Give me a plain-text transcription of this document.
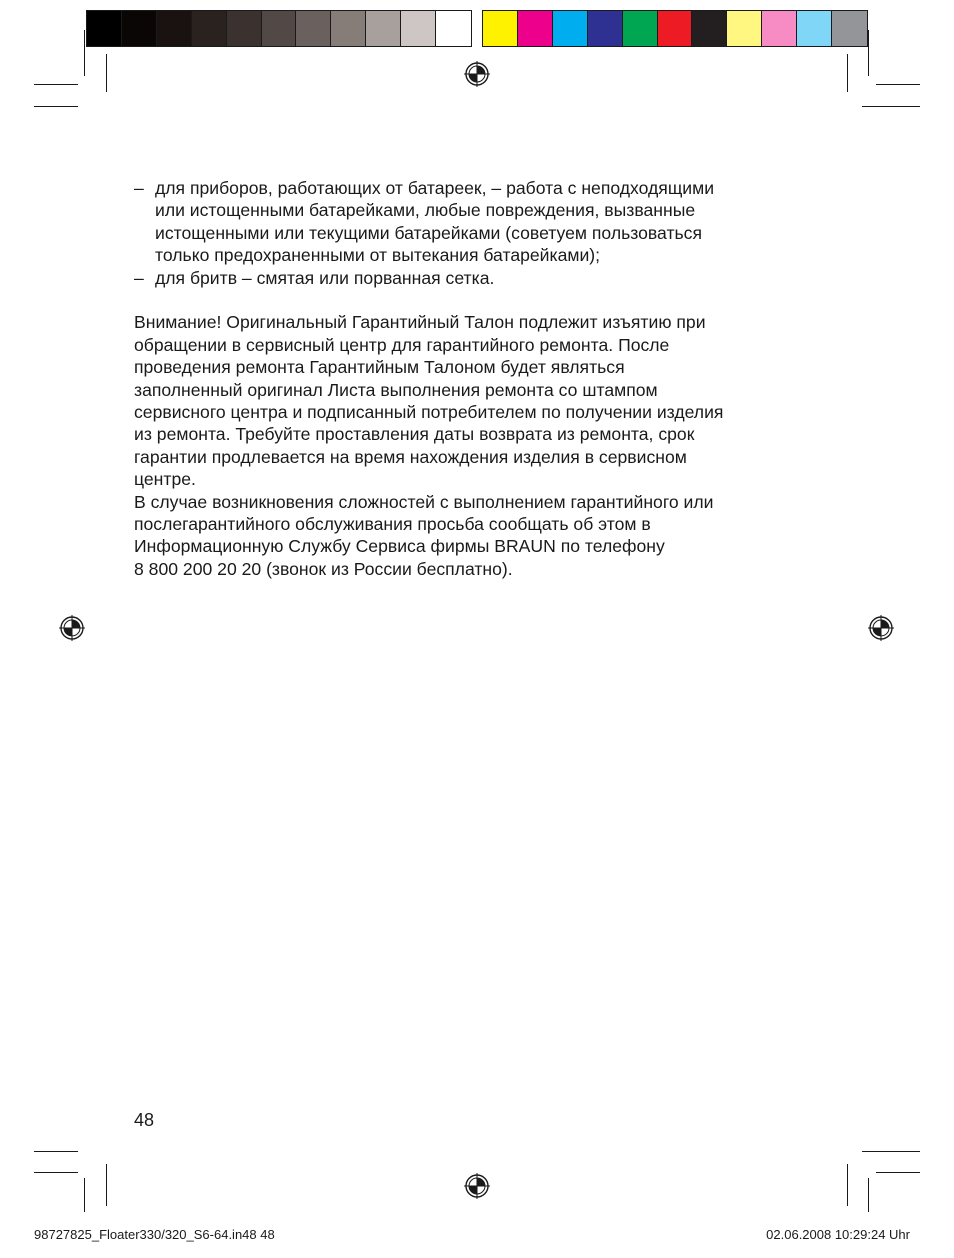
– для приборов, работающих от батареек, – работа с неподходящими
или истощенными батарейками, любые повреждения, вызванные
истощенными или текущими батарейками (советуем пользоваться
только предохраненными от вытекания батарейками);
– для бритв – смятая или порванная сетка.
Внимание! Оригинальный Гарантийный Талон подлежит изъятию при
обращении в сервисный центр для гарантийного ремонта. После
проведения ремонта Гарантийным Талоном будет являться
заполненный оригинал Листа выполнения ремонта со штампом
сервисного центра и подписанный потребителем по получении изделия
из ремонта. Требуйте проставления даты возврата из ремонта, срок
гарантии продлевается на время нахождения изделия в сервисном
центре.
В случае возникновения сложностей с выполнением гарантийного или
послегарантийного обслуживания просьба сообщать об этом в
Информационную Службу Сервиса фирмы BRAUN по телефону
8 800 200 20 20 (звонок из России бесплатно).
48
98727825_Floater330/320_S6-64.in48 48	02.06.2008 10:29:24 Uhr
